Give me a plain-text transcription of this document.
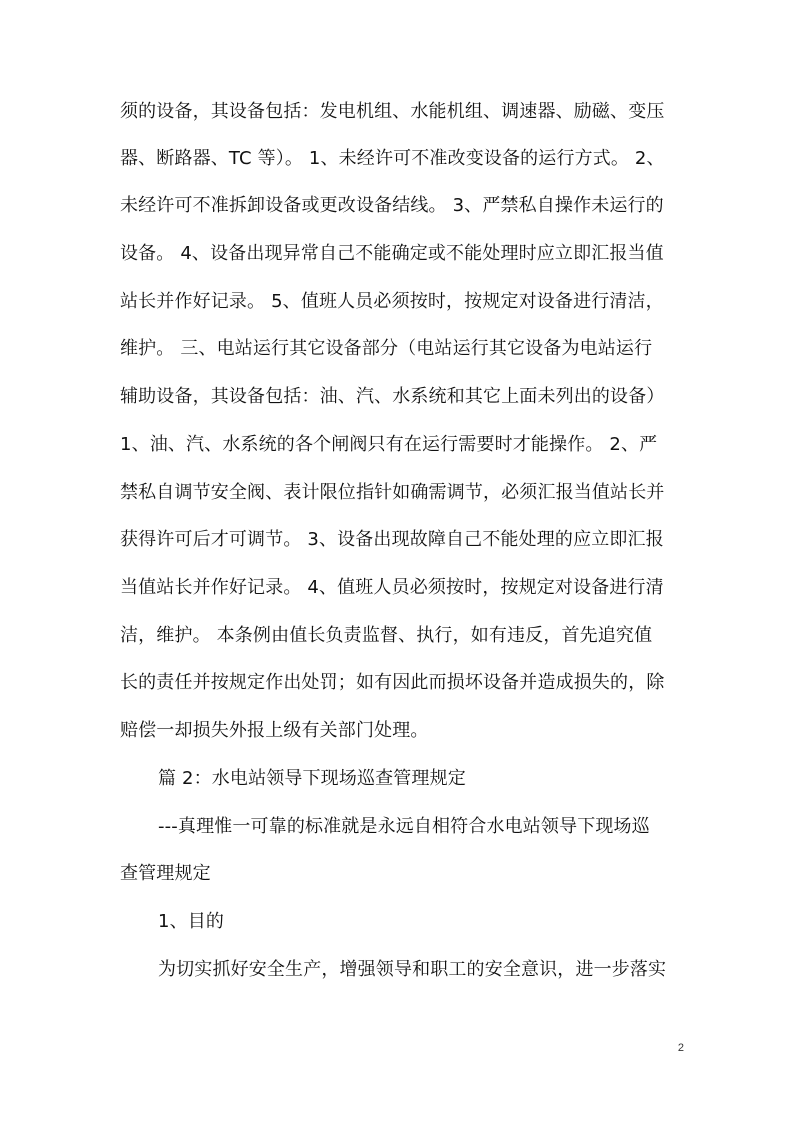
须的设备，其设备包括：发电机组、水能机组、调速器、励磁、变压
器、断路器、TC 等）。 1、未经许可不准改变设备的运行方式。 2、
未经许可不准拆卸设备或更改设备结线。 3、严禁私自操作未运行的
设备。 4、设备出现异常自己不能确定或不能处理时应立即汇报当值
站长并作好记录。 5、值班人员必须按时，按规定对设备进行清洁，
维护。 三、电站运行其它设备部分（电站运行其它设备为电站运行
辅助设备，其设备包括：油、汽、水系统和其它上面未列出的设备）
1、油、汽、水系统的各个闸阀只有在运行需要时才能操作。 2、严
禁私自调节安全阀、表计限位指针如确需调节，必须汇报当值站长并
获得许可后才可调节。 3、设备出现故障自己不能处理的应立即汇报
当值站长并作好记录。 4、值班人员必须按时，按规定对设备进行清
洁，维护。 本条例由值长负责监督、执行，如有违反，首先追究值
长的责任并按规定作出处罚；如有因此而损坏设备并造成损失的，除
赔偿一却损失外报上级有关部门处理。
篇 2：水电站领导下现场巡查管理规定
---真理惟一可靠的标准就是永远自相符合水电站领导下现场巡
查管理规定
1、目的
为切实抓好安全生产，增强领导和职工的安全意识，进一步落实
2
